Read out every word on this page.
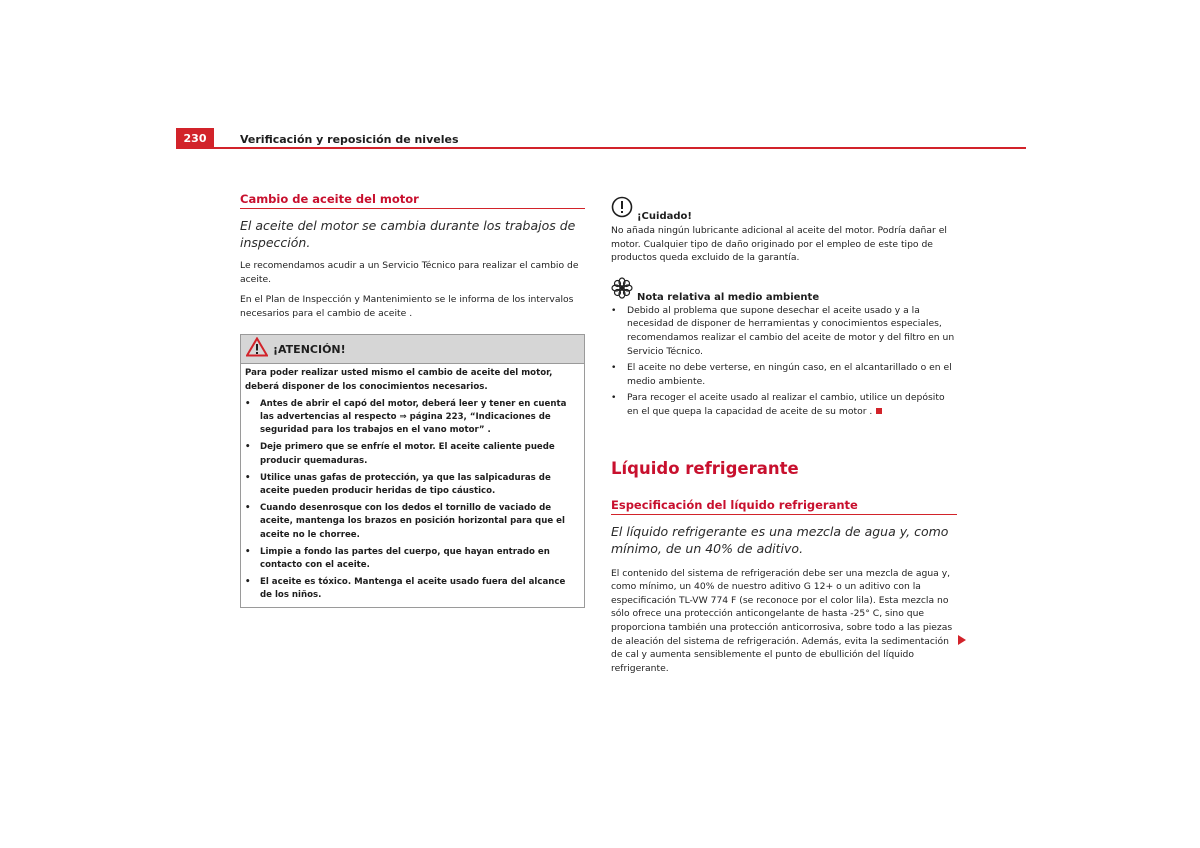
230	Verificación y reposición de niveles
Cambio de aceite del motor
El aceite del motor se cambia durante los trabajos de inspección.
Le recomendamos acudir a un Servicio Técnico para realizar el cambio de aceite.
En el Plan de Inspección y Mantenimiento se le informa de los intervalos necesarios para el cambio de aceite .
¡ATENCIÓN!
Para poder realizar usted mismo el cambio de aceite del motor, deberá disponer de los conocimientos necesarios.
•	Antes de abrir el capó del motor, deberá leer y tener en cuenta las advertencias al respecto ⇒ página 223, “Indicaciones de seguridad para los trabajos en el vano motor” .
•	Deje primero que se enfríe el motor. El aceite caliente puede producir quemaduras.
•	Utilice unas gafas de protección, ya que las salpicaduras de aceite pueden producir heridas de tipo cáustico.
•	Cuando desenrosque con los dedos el tornillo de vaciado de aceite, mantenga los brazos en posición horizontal para que el aceite no le chorree.
•	Limpie a fondo las partes del cuerpo, que hayan entrado en contacto con el aceite.
•	El aceite es tóxico. Mantenga el aceite usado fuera del alcance de los niños.
¡Cuidado!
No añada ningún lubricante adicional al aceite del motor. Podría dañar el motor. Cualquier tipo de daño originado por el empleo de este tipo de productos queda excluido de la garantía.
Nota relativa al medio ambiente
•	Debido al problema que supone desechar el aceite usado y a la necesidad de disponer de herramientas y conocimientos especiales, recomendamos realizar el cambio del aceite de motor y del filtro en un Servicio Técnico.
•	El aceite no debe verterse, en ningún caso, en el alcantarillado o en el medio ambiente.
•	Para recoger el aceite usado al realizar el cambio, utilice un depósito en el que quepa la capacidad de aceite de su motor .
Líquido refrigerante
Especificación del líquido refrigerante
El líquido refrigerante es una mezcla de agua y, como mínimo, de un 40% de aditivo.
El contenido del sistema de refrigeración debe ser una mezcla de agua y, como mínimo, un 40% de nuestro aditivo G 12+ o un aditivo con la especificación TL-VW 774 F (se reconoce por el color lila). Esta mezcla no sólo ofrece una protección anticongelante de hasta -25° C, sino que proporciona también una protección anticorrosiva, sobre todo a las piezas de aleación del sistema de refrigeración. Además, evita la sedimentación de cal y aumenta sensiblemente el punto de ebullición del líquido refrigerante.
